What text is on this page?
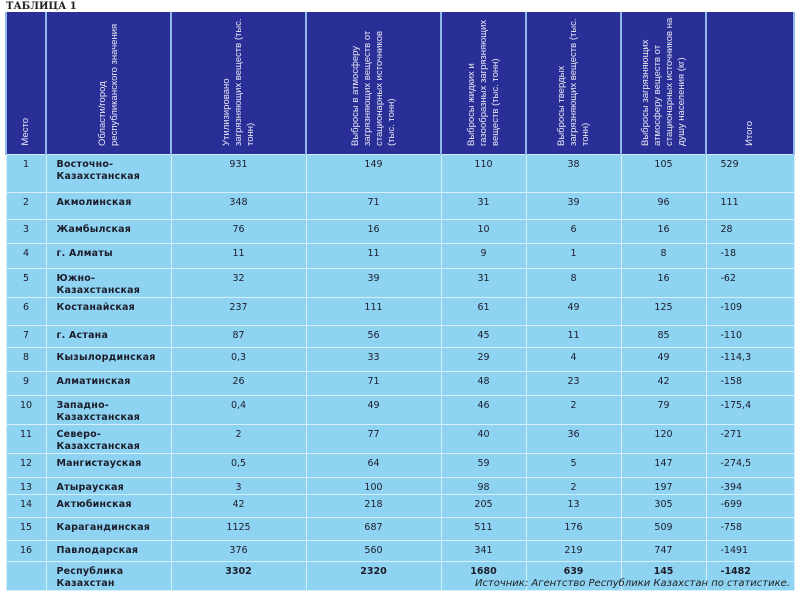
ТАБЛИЦА 1
Место	Области/город республиканского значения	Утилизировано загрязняющих веществ (тыс. тонн)	Выбросы в атмосферу загрязняющих веществ от стационарных источников (тыс. тонн)	Выбросы жидких и газообразных загрязняющих веществ (тыс. тонн)	Выбросы твердых загрязняющих веществ (тыс. тонн)	Выбросы загрязняющих атмосферу веществ от стационарных источников на душу населения (кг)	Итого
1	Восточно-Казахстанская	931	149	110	38	105	529
2	Акмолинская	348	71	31	39	96	111
3	Жамбылская	76	16	10	6	16	28
4	г. Алматы	11	11	9	1	8	-18
5	Южно-Казахстанская	32	39	31	8	16	-62
6	Костанайская	237	111	61	49	125	-109
7	г. Астана	87	56	45	11	85	-110
8	Кызылординская	0,3	33	29	4	49	-114,3
9	Алматинская	26	71	48	23	42	-158
10	Западно-Казахстанская	0,4	49	46	2	79	-175,4
11	Северо-Казахстанская	2	77	40	36	120	-271
12	Мангистауская	0,5	64	59	5	147	-274,5
13	Атырауская	3	100	98	2	197	-394
14	Актюбинская	42	218	205	13	305	-699
15	Карагандинская	1125	687	511	176	509	-758
16	Павлодарская	376	560	341	219	747	-1491
	Республика Казахстан	3302	2320	1680	639	145	-1482
Источник: Агентство Республики Казахстан по статистике.
